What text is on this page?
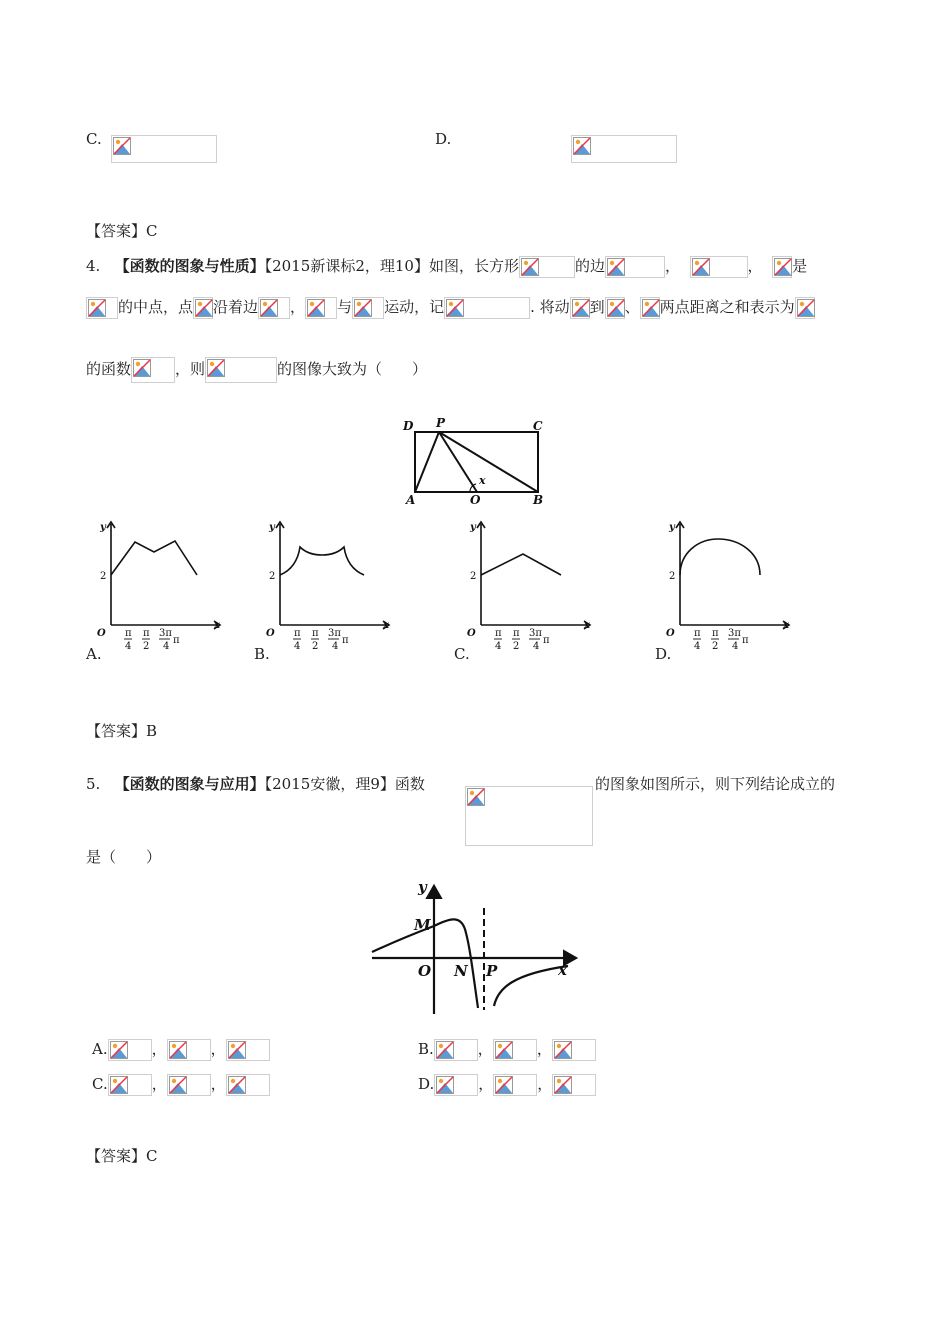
C.
	D.
【答案】C
4. 【函数的图象与性质】【2015新课标2，理10】如图，长方形	的边	，	， 是
的中点，点 沿着边 ， 与 运动，记	. 将动 到 、 两点距离之和表示为
的函数	，则	的图像大致为（　　）
D P	C
A	O	B
x
y
x
2
O π
4
π
2
3π
4
π
y
x
2
O π
4
π
2
3π
4
π
y
x
2
O π
4
π
2
3π
4
π
y
x
2
O π
4
π
2
3π
4
π
A.	B.	C.	D.
【答案】B
5. 【函数的图象与应用】【2015安徽，理9】函数	的图象如图所示，则下列结论成立的
是（　　）
y
M
O N P	x
A.	，	，	B.	，	，
C.	，	，	D.	，	，
【答案】C
